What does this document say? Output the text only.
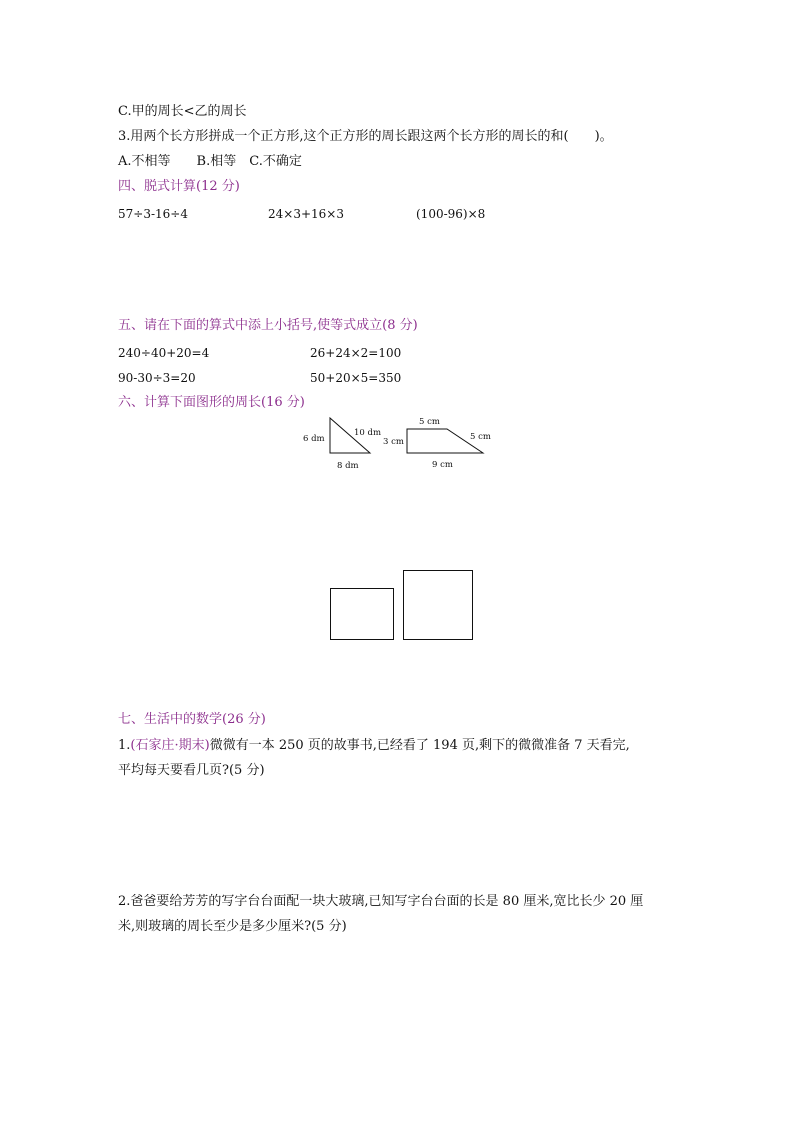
C.甲的周长<乙的周长
3.用两个长方形拼成一个正方形,这个正方形的周长跟这两个长方形的周长的和(　　)。
A.不相等　　B.相等　C.不确定
四、脱式计算(12 分)
57÷3-16÷4	24×3+16×3	(100-96)×8
五、请在下面的算式中添上小括号,使等式成立(8 分)
240÷40+20=4	26+24×2=100
90-30÷3=20	50+20×5=350
六、计算下面图形的周长(16 分)
6 dm
10 dm
8 dm
5 cm
3 cm	5 cm
9 cm
七、生活中的数学(26 分)
1.(石家庄·期末)微微有一本 250 页的故事书,已经看了 194 页,剩下的微微准备 7 天看完,
平均每天要看几页?(5 分)
2.爸爸要给芳芳的写字台台面配一块大玻璃,已知写字台台面的长是 80 厘米,宽比长少 20 厘
米,则玻璃的周长至少是多少厘米?(5 分)
